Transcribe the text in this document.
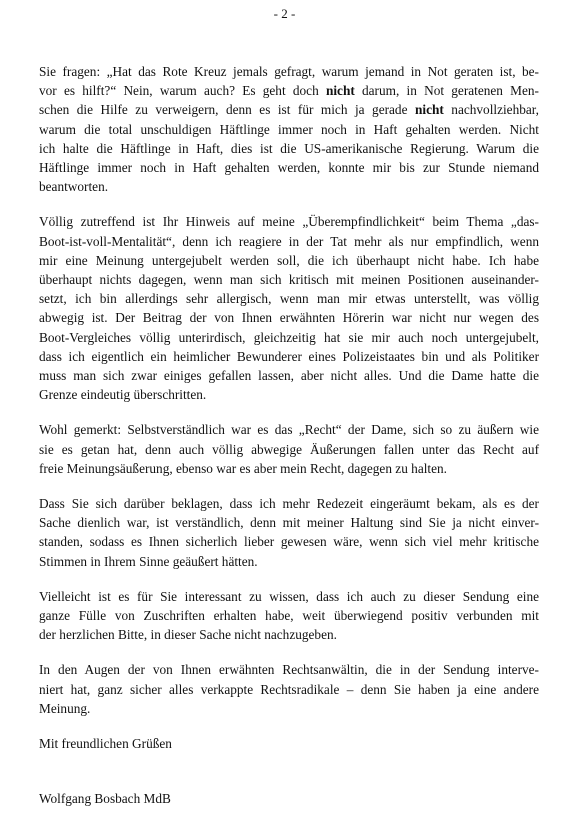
- 2 -
Sie fragen: „Hat das Rote Kreuz jemals gefragt, warum jemand in Not geraten ist, be-
vor es hilft?“ Nein, warum auch? Es geht doch nicht darum, in Not geratenen Men-
schen die Hilfe zu verweigern, denn es ist für mich ja gerade nicht nachvollziehbar,
warum die total unschuldigen Häftlinge immer noch in Haft gehalten werden. Nicht
ich halte die Häftlinge in Haft, dies ist die US-amerikanische Regierung. Warum die
Häftlinge immer noch in Haft gehalten werden, konnte mir bis zur Stunde niemand
beantworten.
Völlig zutreffend ist Ihr Hinweis auf meine „Überempfindlichkeit“ beim Thema „das-
Boot-ist-voll-Mentalität“, denn ich reagiere in der Tat mehr als nur empfindlich, wenn
mir eine Meinung untergejubelt werden soll, die ich überhaupt nicht habe. Ich habe
überhaupt nichts dagegen, wenn man sich kritisch mit meinen Positionen auseinander-
setzt, ich bin allerdings sehr allergisch, wenn man mir etwas unterstellt, was völlig
abwegig ist. Der Beitrag der von Ihnen erwähnten Hörerin war nicht nur wegen des
Boot-Vergleiches völlig unterirdisch, gleichzeitig hat sie mir auch noch untergejubelt,
dass ich eigentlich ein heimlicher Bewunderer eines Polizeistaates bin und als Politiker
muss man sich zwar einiges gefallen lassen, aber nicht alles. Und die Dame hatte die
Grenze eindeutig überschritten.
Wohl gemerkt: Selbstverständlich war es das „Recht“ der Dame, sich so zu äußern wie
sie es getan hat, denn auch völlig abwegige Äußerungen fallen unter das Recht auf
freie Meinungsäußerung, ebenso war es aber mein Recht, dagegen zu halten.
Dass Sie sich darüber beklagen, dass ich mehr Redezeit eingeräumt bekam, als es der
Sache dienlich war, ist verständlich, denn mit meiner Haltung sind Sie ja nicht einver-
standen, sodass es Ihnen sicherlich lieber gewesen wäre, wenn sich viel mehr kritische
Stimmen in Ihrem Sinne geäußert hätten.
Vielleicht ist es für Sie interessant zu wissen, dass ich auch zu dieser Sendung eine
ganze Fülle von Zuschriften erhalten habe, weit überwiegend positiv verbunden mit
der herzlichen Bitte, in dieser Sache nicht nachzugeben.
In den Augen der von Ihnen erwähnten Rechtsanwältin, die in der Sendung interve-
niert hat, ganz sicher alles verkappte Rechtsradikale – denn Sie haben ja eine andere
Meinung.

Mit freundlichen Grüßen

Wolfgang Bosbach MdB
